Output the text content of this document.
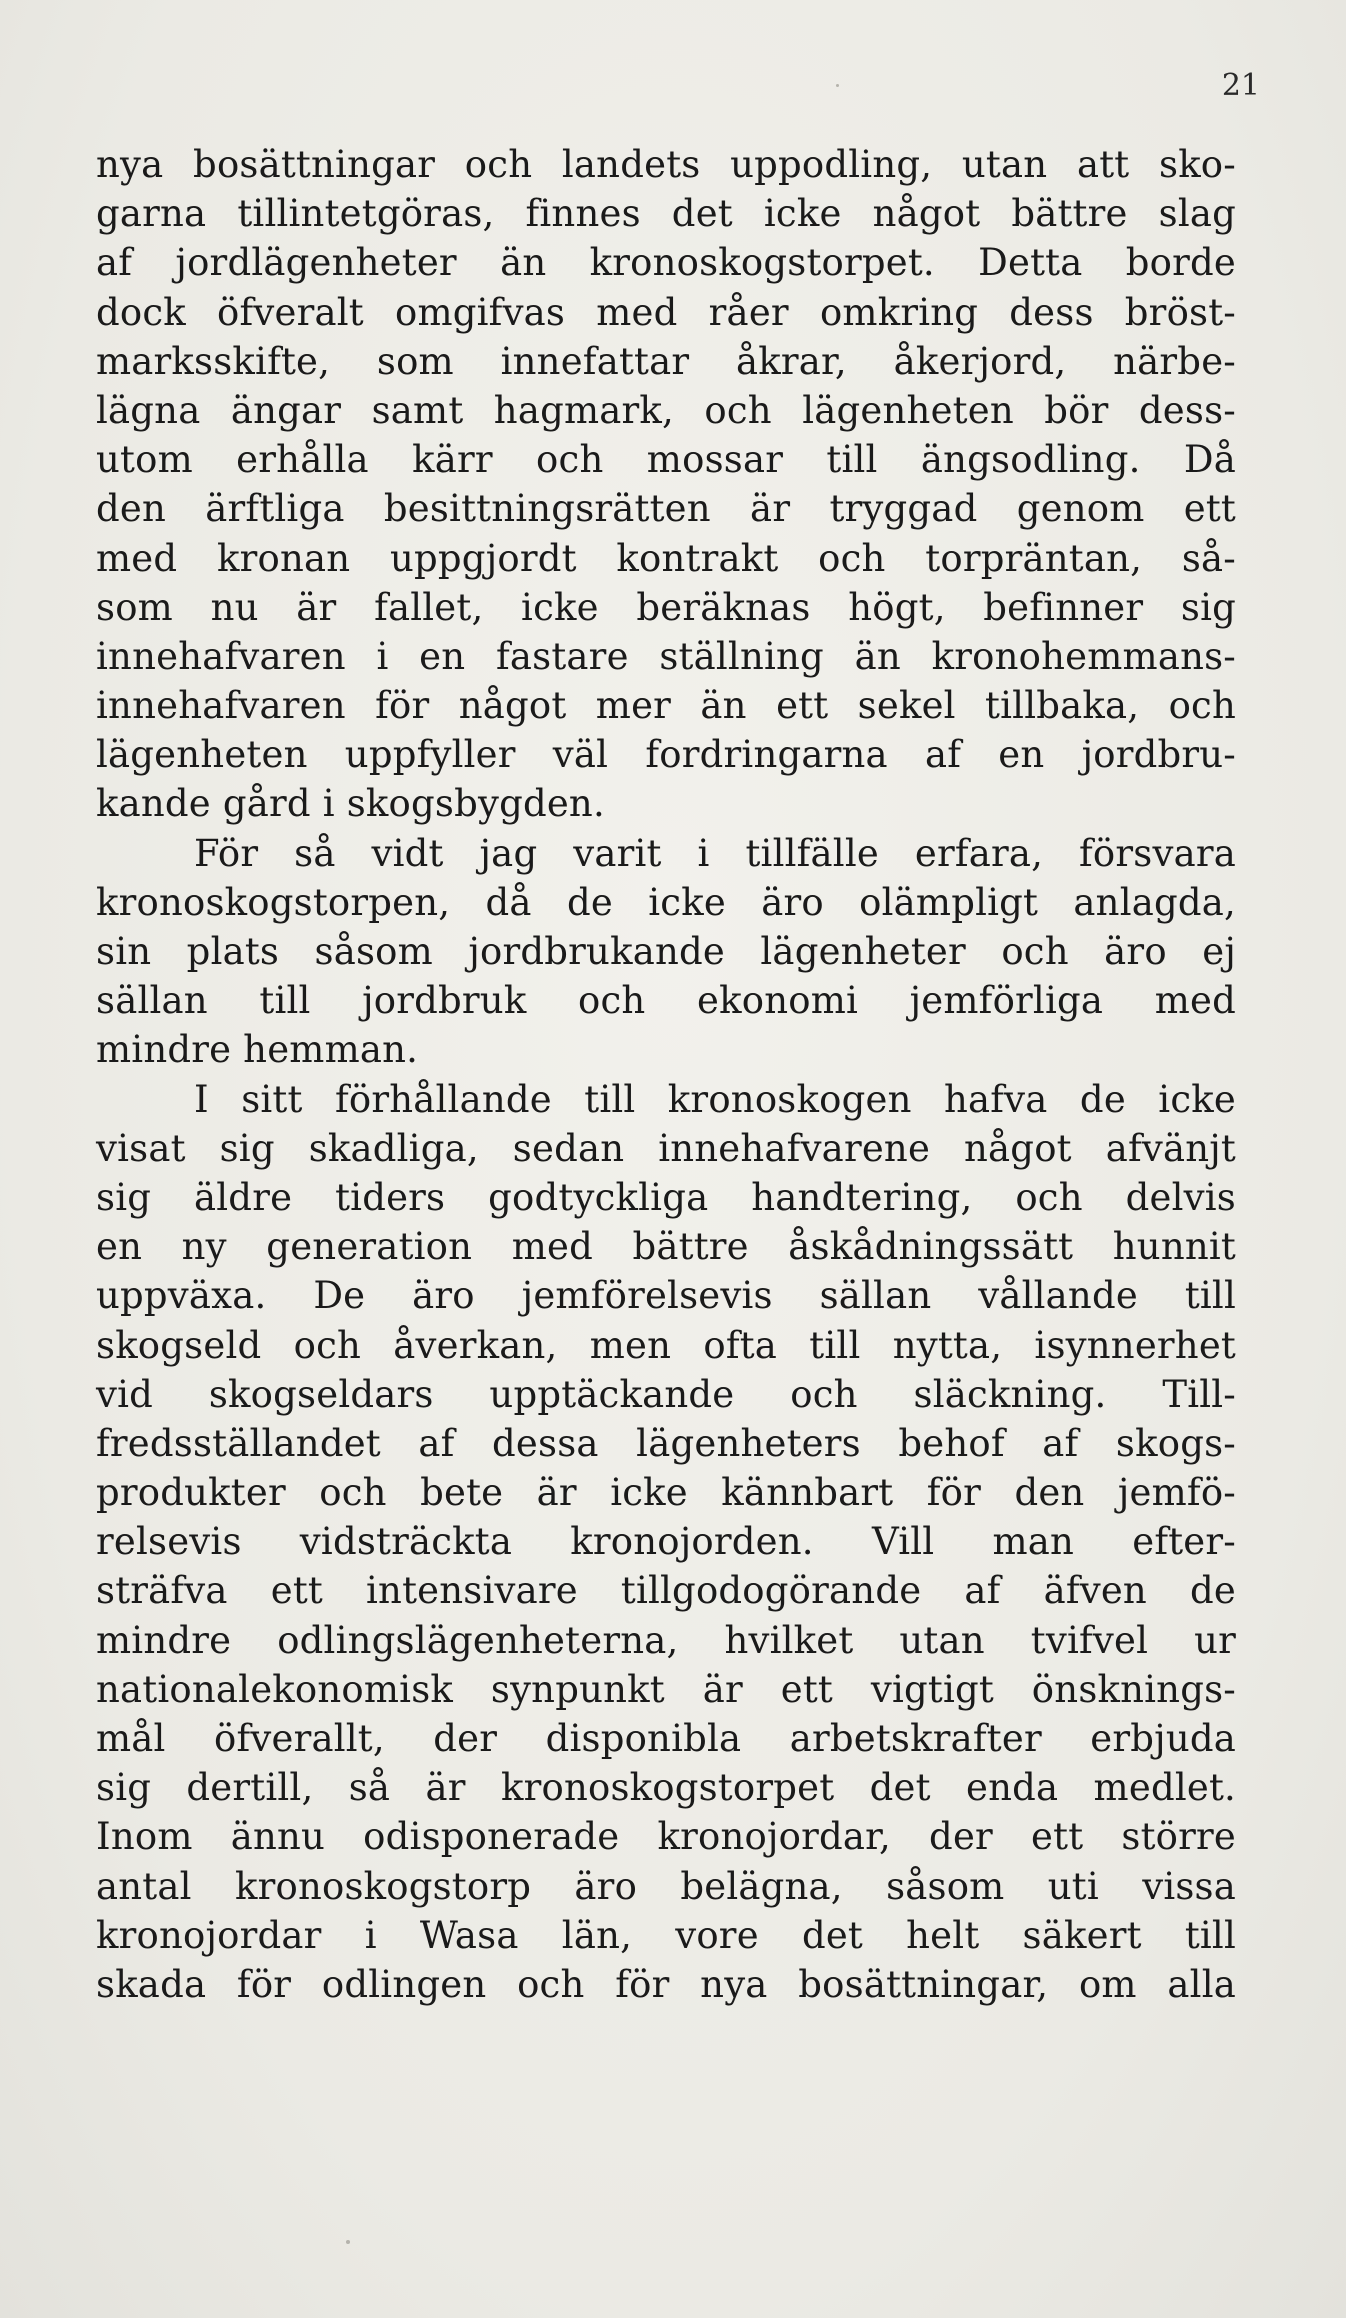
21
nya bosättningar och landets uppodling, utan att sko-
garna tillintetgöras, finnes det icke något bättre slag
af jordlägenheter än kronoskogstorpet. Detta borde
dock öfveralt omgifvas med råer omkring dess bröst-
marksskifte, som innefattar åkrar, åkerjord, närbe-
lägna ängar samt hagmark, och lägenheten bör dess-
utom erhålla kärr och mossar till ängsodling. Då
den ärftliga besittningsrätten är tryggad genom ett
med kronan uppgjordt kontrakt och torpräntan, så-
som nu är fallet, icke beräknas högt, befinner sig
innehafvaren i en fastare ställning än kronohemmans-
innehafvaren för något mer än ett sekel tillbaka, och
lägenheten uppfyller väl fordringarna af en jordbru-
kande gård i skogsbygden.
För så vidt jag varit i tillfälle erfara, försvara
kronoskogstorpen, då de icke äro olämpligt anlagda,
sin plats såsom jordbrukande lägenheter och äro ej
sällan till jordbruk och ekonomi jemförliga med
mindre hemman.
I sitt förhållande till kronoskogen hafva de icke
visat sig skadliga, sedan innehafvarene något afvänjt
sig äldre tiders godtyckliga handtering, och delvis
en ny generation med bättre åskådningssätt hunnit
uppväxa. De äro jemförelsevis sällan vållande till
skogseld och åverkan, men ofta till nytta, isynnerhet
vid skogseldars upptäckande och släckning. Till-
fredsställandet af dessa lägenheters behof af skogs-
produkter och bete är icke kännbart för den jemfö-
relsevis vidsträckta kronojorden. Vill man efter-
sträfva ett intensivare tillgodogörande af äfven de
mindre odlingslägenheterna, hvilket utan tvifvel ur
nationalekonomisk synpunkt är ett vigtigt önsknings-
mål öfverallt, der disponibla arbetskrafter erbjuda
sig dertill, så är kronoskogstorpet det enda medlet.
Inom ännu odisponerade kronojordar, der ett större
antal kronoskogstorp äro belägna, såsom uti vissa
kronojordar i Wasa län, vore det helt säkert till
skada för odlingen och för nya bosättningar, om alla
